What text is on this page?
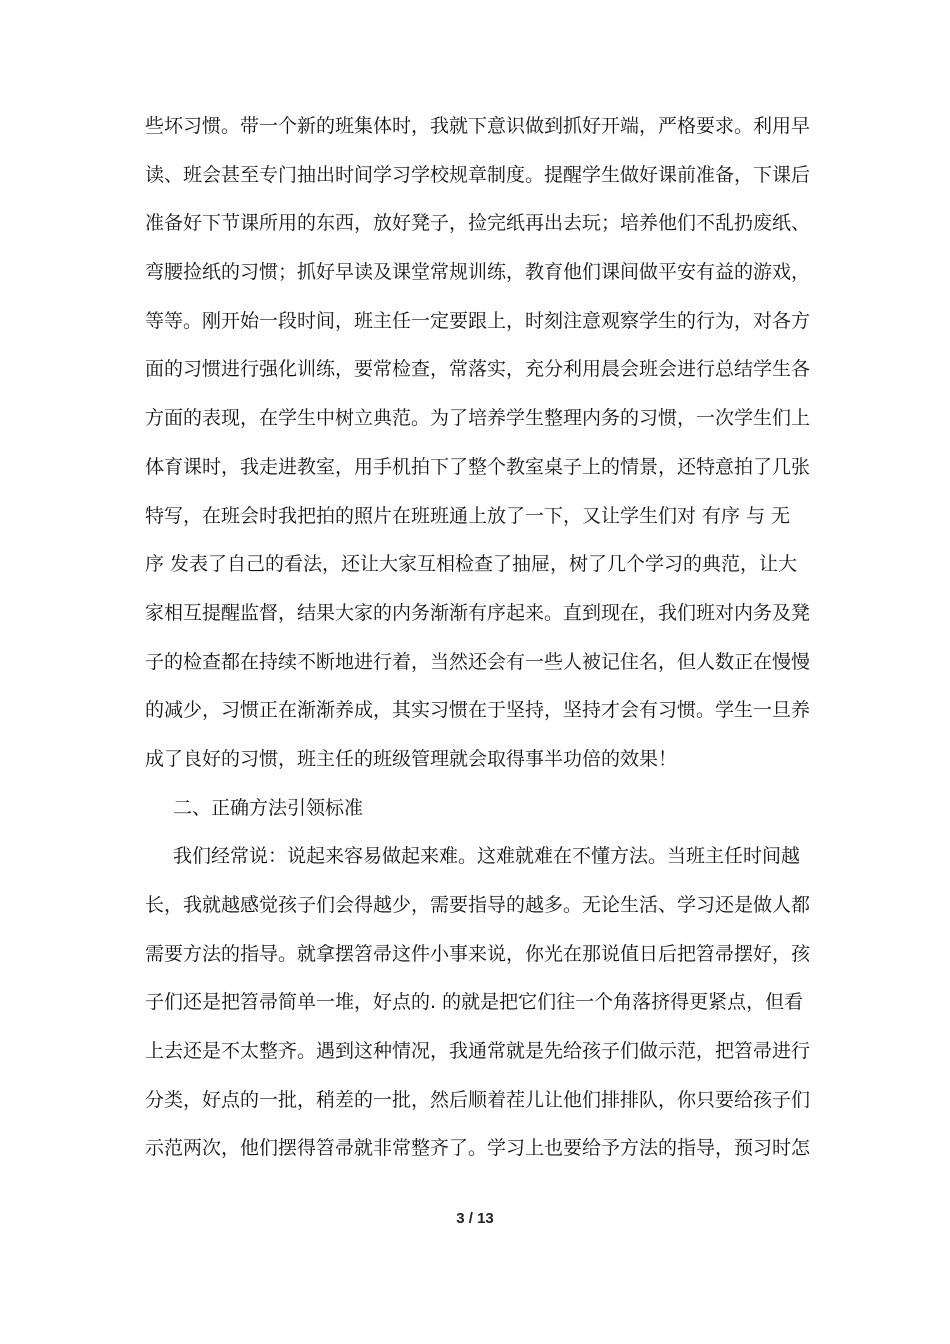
些坏习惯。带一个新的班集体时，我就下意识做到抓好开端，严格要求。利用早
读、班会甚至专门抽出时间学习学校规章制度。提醒学生做好课前准备，下课后
准备好下节课所用的东西，放好凳子，捡完纸再出去玩；培养他们不乱扔废纸、
弯腰捡纸的习惯；抓好早读及课堂常规训练，教育他们课间做平安有益的游戏，
等等。刚开始一段时间，班主任一定要跟上，时刻注意观察学生的行为，对各方
面的习惯进行强化训练，要常检查，常落实，充分利用晨会班会进行总结学生各
方面的表现，在学生中树立典范。为了培养学生整理内务的习惯，一次学生们上
体育课时，我走进教室，用手机拍下了整个教室桌子上的情景，还特意拍了几张
特写，在班会时我把拍的照片在班班通上放了一下，又让学生们对 有序 与 无
序 发表了自己的看法，还让大家互相检查了抽屉，树了几个学习的典范，让大
家相互提醒监督，结果大家的内务渐渐有序起来。直到现在，我们班对内务及凳
子的检查都在持续不断地进行着，当然还会有一些人被记住名，但人数正在慢慢
的减少，习惯正在渐渐养成，其实习惯在于坚持，坚持才会有习惯。学生一旦养
成了良好的习惯，班主任的班级管理就会取得事半功倍的效果！
二、正确方法引领标准
我们经常说：说起来容易做起来难。这难就难在不懂方法。当班主任时间越
长，我就越感觉孩子们会得越少，需要指导的越多。无论生活、学习还是做人都
需要方法的指导。就拿摆笤帚这件小事来说，你光在那说值日后把笤帚摆好，孩
子们还是把笤帚简单一堆，好点的. 的就是把它们往一个角落挤得更紧点，但看
上去还是不太整齐。遇到这种情况，我通常就是先给孩子们做示范，把笤帚进行
分类，好点的一批，稍差的一批，然后顺着茬儿让他们排排队，你只要给孩子们
示范两次，他们摆得笤帚就非常整齐了。学习上也要给予方法的指导，预习时怎
3 / 13
